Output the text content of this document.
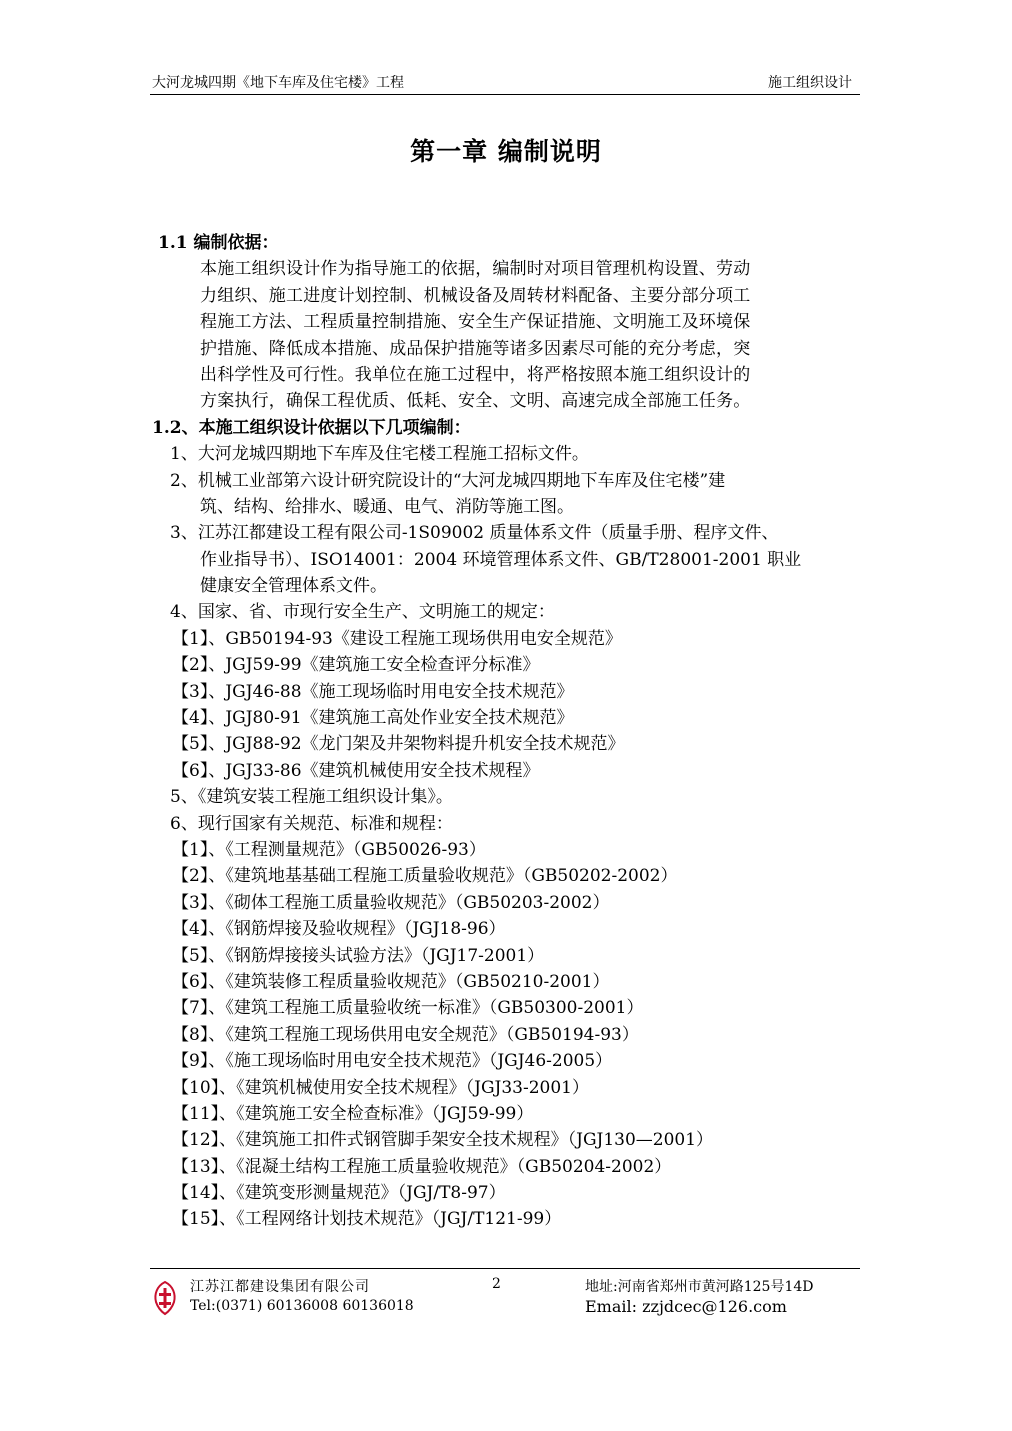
大河龙城四期《地下车库及住宅楼》工程	施工组织设计
第一章 编制说明
1.1 编制依据：
本施工组织设计作为指导施工的依据，编制时对项目管理机构设置、劳动
力组织、施工进度计划控制、机械设备及周转材料配备、主要分部分项工
程施工方法、工程质量控制措施、安全生产保证措施、文明施工及环境保
护措施、降低成本措施、成品保护措施等诸多因素尽可能的充分考虑，突
出科学性及可行性。我单位在施工过程中，将严格按照本施工组织设计的
方案执行，确保工程优质、低耗、安全、文明、高速完成全部施工任务。
1.2、本施工组织设计依据以下几项编制：
1、大河龙城四期地下车库及住宅楼工程施工招标文件。
2、机械工业部第六设计研究院设计的“大河龙城四期地下车库及住宅楼”建
筑、结构、给排水、暖通、电气、消防等施工图。
3、江苏江都建设工程有限公司-1S09002 质量体系文件（质量手册、程序文件、
作业指导书）、ISO14001：2004 环境管理体系文件、GB/T28001-2001 职业
健康安全管理体系文件。
4、国家、省、市现行安全生产、文明施工的规定：
【1】、GB50194-93《建设工程施工现场供用电安全规范》
【2】、JGJ59-99《建筑施工安全检查评分标准》
【3】、JGJ46-88《施工现场临时用电安全技术规范》
【4】、JGJ80-91《建筑施工高处作业安全技术规范》
【5】、JGJ88-92《龙门架及井架物料提升机安全技术规范》
【6】、JGJ33-86《建筑机械使用安全技术规程》
5、《建筑安装工程施工组织设计集》。
6、现行国家有关规范、标准和规程：
【1】、《工程测量规范》（GB50026-93）
【2】、《建筑地基基础工程施工质量验收规范》（GB50202-2002）
【3】、《砌体工程施工质量验收规范》（GB50203-2002）
【4】、《钢筋焊接及验收规程》（JGJ18-96）
【5】、《钢筋焊接接头试验方法》（JGJ17-2001）
【6】、《建筑装修工程质量验收规范》（GB50210-2001）
【7】、《建筑工程施工质量验收统一标准》（GB50300-2001）
【8】、《建筑工程施工现场供用电安全规范》（GB50194-93）
【9】、《施工现场临时用电安全技术规范》（JGJ46-2005）
【10】、《建筑机械使用安全技术规程》（JGJ33-2001）
【11】、《建筑施工安全检查标准》（JGJ59-99）
【12】、《建筑施工扣件式钢管脚手架安全技术规程》（JGJ130—2001）
【13】、《混凝土结构工程施工质量验收规范》（GB50204-2002）
【14】、《建筑变形测量规范》（JGJ/T8-97）
【15】、《工程网络计划技术规范》（JGJ/T121-99）
江苏江都建设集团有限公司	2	地址:河南省郑州市黄河路125号14D
Tel:(0371) 60136008 60136018	Email: zzjdcec@126.com
